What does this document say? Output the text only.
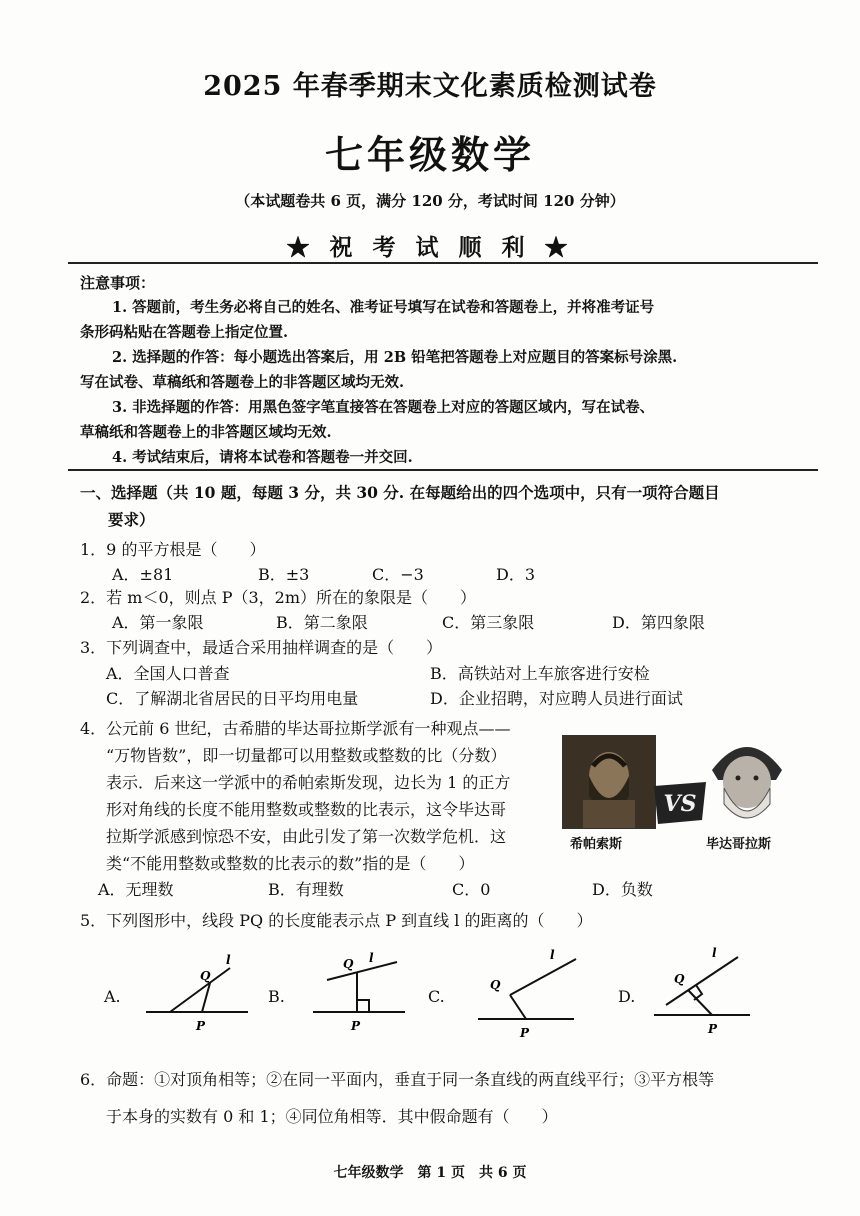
2025 年春季期末文化素质检测试卷
七年级数学
（本试题卷共 6 页，满分 120 分，考试时间 120 分钟）
★ 祝 考 试 顺 利 ★
注意事项：
1. 答题前，考生务必将自己的姓名、准考证号填写在试卷和答题卷上，并将准考证号
条形码粘贴在答题卷上指定位置.
2. 选择题的作答：每小题选出答案后，用 2B 铅笔把答题卷上对应题目的答案标号涂黑.
写在试卷、草稿纸和答题卷上的非答题区域均无效.
3. 非选择题的作答：用黑色签字笔直接答在答题卷上对应的答题区域内，写在试卷、
草稿纸和答题卷上的非答题区域均无效.
4. 考试结束后，请将本试卷和答题卷一并交回.
一、选择题（共 10 题，每题 3 分，共 30 分. 在每题给出的四个选项中，只有一项符合题目
要求）
1．9 的平方根是（　　）
A．±81	B．±3	C．−3	D．3
2．若 m＜0，则点 P（3，2m）所在的象限是（　　）
A．第一象限	B．第二象限	C．第三象限	D．第四象限
3．下列调查中，最适合采用抽样调查的是（　　）
A．全国人口普查	B．高铁站对上车旅客进行安检
C．了解湖北省居民的日平均用电量	D．企业招聘，对应聘人员进行面试
4．公元前 6 世纪，古希腊的毕达哥拉斯学派有一种观点——
“万物皆数”，即一切量都可以用整数或整数的比（分数）
表示．后来这一学派中的希帕索斯发现，边长为 1 的正方
形对角线的长度不能用整数或整数的比表示，这令毕达哥
拉斯学派感到惊恐不安，由此引发了第一次数学危机．这
类“不能用整数或整数的比表示的数”指的是（　　）
VS
希帕索斯	毕达哥拉斯
A．无理数	B．有理数	C．0	D．负数
5．下列图形中，线段 PQ 的长度能表示点 P 到直线 l 的距离的（　　）
A.
Q
l
P
B.
Q l
P
C.
Q
l
P
D.
Q
l
P
6．命题：①对顶角相等；②在同一平面内，垂直于同一条直线的两直线平行；③平方根等
于本身的实数有 0 和 1；④同位角相等．其中假命题有（　　）
七年级数学　第 1 页　共 6 页
